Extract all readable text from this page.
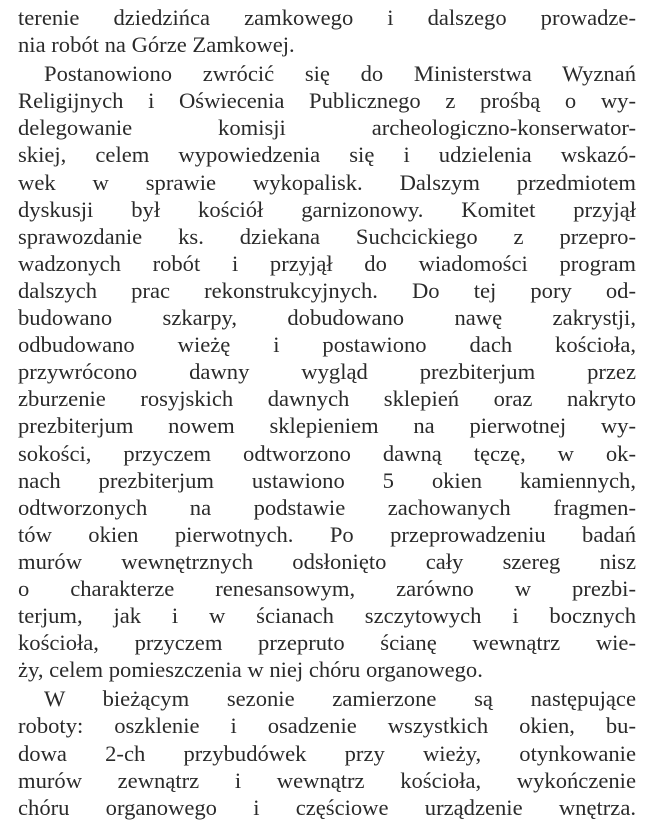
terenie dziedzińca zamkowego i dalszego prowadze-
nia robót na Górze Zamkowej.
Postanowiono zwrócić się do Ministerstwa Wyznań
Religijnych i Oświecenia Publicznego z prośbą o wy-
delegowanie komisji archeologiczno-konserwator-
skiej, celem wypowiedzenia się i udzielenia wskazó-
wek w sprawie wykopalisk. Dalszym przedmiotem
dyskusji był kościół garnizonowy. Komitet przyjął
sprawozdanie ks. dziekana Suchcickiego z przepro-
wadzonych robót i przyjął do wiadomości program
dalszych prac rekonstrukcyjnych. Do tej pory od-
budowano szkarpy, dobudowano nawę zakrystji,
odbudowano wieżę i postawiono dach kościoła,
przywrócono dawny wygląd prezbiterjum przez
zburzenie rosyjskich dawnych sklepień oraz nakryto
prezbiterjum nowem sklepieniem na pierwotnej wy-
sokości, przyczem odtworzono dawną tęczę, w ok-
nach prezbiterjum ustawiono 5 okien kamiennych,
odtworzonych na podstawie zachowanych fragmen-
tów okien pierwotnych. Po przeprowadzeniu badań
murów wewnętrznych odsłonięto cały szereg nisz
o charakterze renesansowym, zarówno w prezbi-
terjum, jak i w ścianach szczytowych i bocznych
kościoła, przyczem przeprutо ścianę wewnątrz wie-
ży, celem pomieszczenia w niej chóru organowego.
W bieżącym sezonie zamierzone są następujące
roboty: oszklenie i osadzenie wszystkich okien, bu-
dowa 2-ch przybudówek przy wieży, otynkowanie
murów zewnątrz i wewnątrz kościoła, wykończenie
chóru organowego i częściowe urządzenie wnętrza.
